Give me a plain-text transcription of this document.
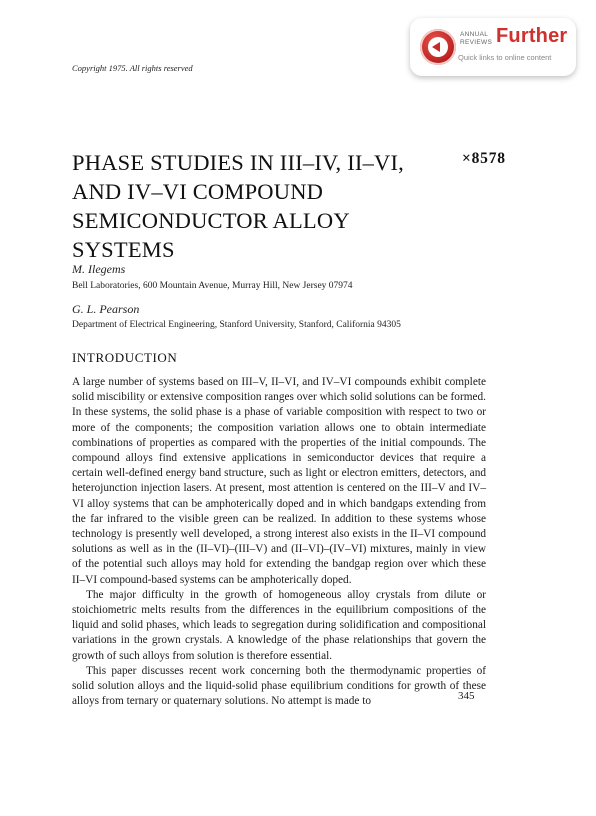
ANNUAL REVIEWS Further
Quick links to online content
Copyright 1975. All rights reserved
PHASE STUDIES IN III–IV, II–VI, AND IV–VI COMPOUND SEMICONDUCTOR ALLOY SYSTEMS
×8578
M. Ilegems
Bell Laboratories, 600 Mountain Avenue, Murray Hill, New Jersey 07974
G. L. Pearson
Department of Electrical Engineering, Stanford University, Stanford, California 94305
INTRODUCTION

A large number of systems based on III–V, II–VI, and IV–VI compounds exhibit complete solid miscibility or extensive composition ranges over which solid solutions can be formed. In these systems, the solid phase is a phase of variable composition with respect to two or more of the components; the composition variation allows one to obtain intermediate combinations of properties as compared with the properties of the initial compounds. The compound alloys find extensive applications in semiconductor devices that require a certain well-defined energy band structure, such as light or electron emitters, detectors, and heterojunction injection lasers. At present, most attention is centered on the III–V and IV–VI alloy systems that can be amphoterically doped and in which bandgaps extending from the far infrared to the visible green can be realized. In addition to these systems whose technology is presently well developed, a strong interest also exists in the II–VI compound solutions as well as in the (II–VI)–(III–V) and (II–VI)–(IV–VI) mixtures, mainly in view of the potential such alloys may hold for extending the bandgap region over which these II–VI compound-based systems can be amphoterically doped.

The major difficulty in the growth of homogeneous alloy crystals from dilute or stoichiometric melts results from the differences in the equilibrium compositions of the liquid and solid phases, which leads to segregation during solidification and compositional variations in the grown crystals. A knowledge of the phase relationships that govern the growth of such alloys from solution is therefore essential.

This paper discusses recent work concerning both the thermodynamic properties of solid solution alloys and the liquid-solid phase equilibrium conditions for growth of these alloys from ternary or quaternary solutions. No attempt is made to	345
